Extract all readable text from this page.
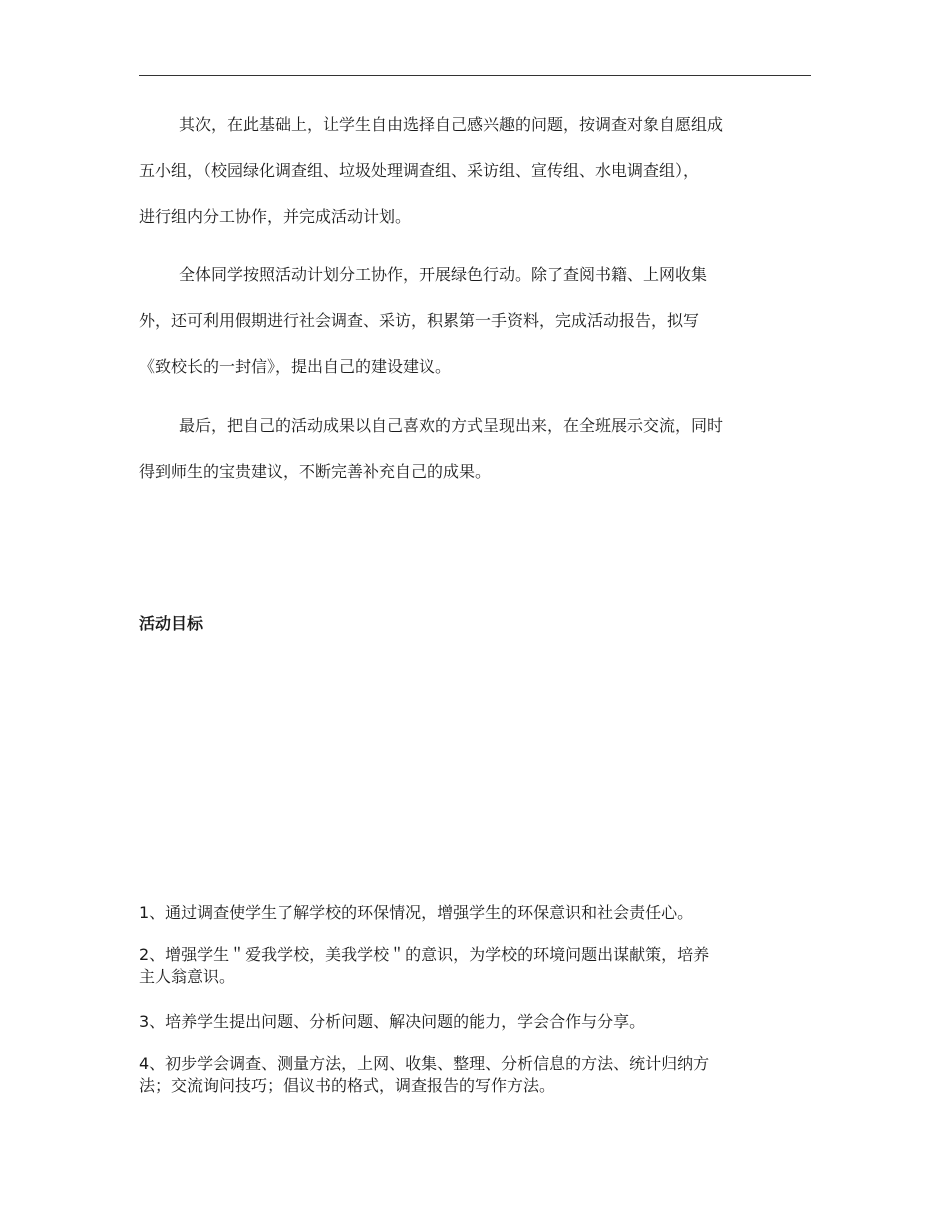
其次，在此基础上，让学生自由选择自己感兴趣的问题，按调查对象自愿组成
五小组，（校园绿化调查组、垃圾处理调查组、采访组、宣传组、水电调查组），
进行组内分工协作，并完成活动计划。

全体同学按照活动计划分工协作，开展绿色行动。除了查阅书籍、上网收集
外，还可利用假期进行社会调查、采访，积累第一手资料，完成活动报告，拟写
《致校长的一封信》，提出自己的建设建议。

最后，把自己的活动成果以自己喜欢的方式呈现出来，在全班展示交流，同时
得到师生的宝贵建议，不断完善补充自己的成果。

活动目标

1、通过调查使学生了解学校的环保情况，增强学生的环保意识和社会责任心。

2、增强学生＂爱我学校，美我学校＂的意识，为学校的环境问题出谋献策，培养
主人翁意识。

3、培养学生提出问题、分析问题、解决问题的能力，学会合作与分享。

4、初步学会调查、测量方法，上网、收集、整理、分析信息的方法、统计归纳方
法；交流询问技巧；倡议书的格式，调查报告的写作方法。
